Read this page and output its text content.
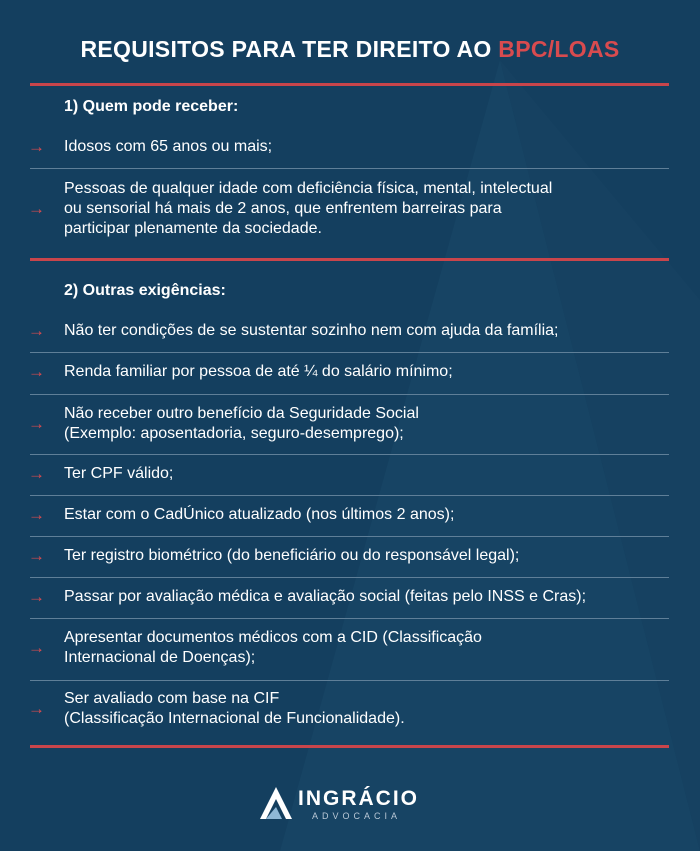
REQUISITOS PARA TER DIREITO AO BPC/LOAS
1) Quem pode receber:
→	Idosos com 65 anos ou mais;
→
Pessoas de qualquer idade com deficiência física, mental, intelectual
ou sensorial há mais de 2 anos, que enfrentem barreiras para
participar plenamente da sociedade.
2) Outras exigências:
→	Não ter condições de se sustentar sozinho nem com ajuda da família;
→	Renda familiar por pessoa de até ¼ do salário mínimo;
→
Não receber outro benefício da Seguridade Social
(Exemplo: aposentadoria, seguro-desemprego);
→	Ter CPF válido;
→	Estar com o CadÚnico atualizado (nos últimos 2 anos);
→	Ter registro biométrico (do beneficiário ou do responsável legal);
→	Passar por avaliação médica e avaliação social (feitas pelo INSS e Cras);
→
Apresentar documentos médicos com a CID (Classificação
Internacional de Doenças);
→
Ser avaliado com base na CIF
(Classificação Internacional de Funcionalidade).
INGRÁCIO
ADVOCACIA
